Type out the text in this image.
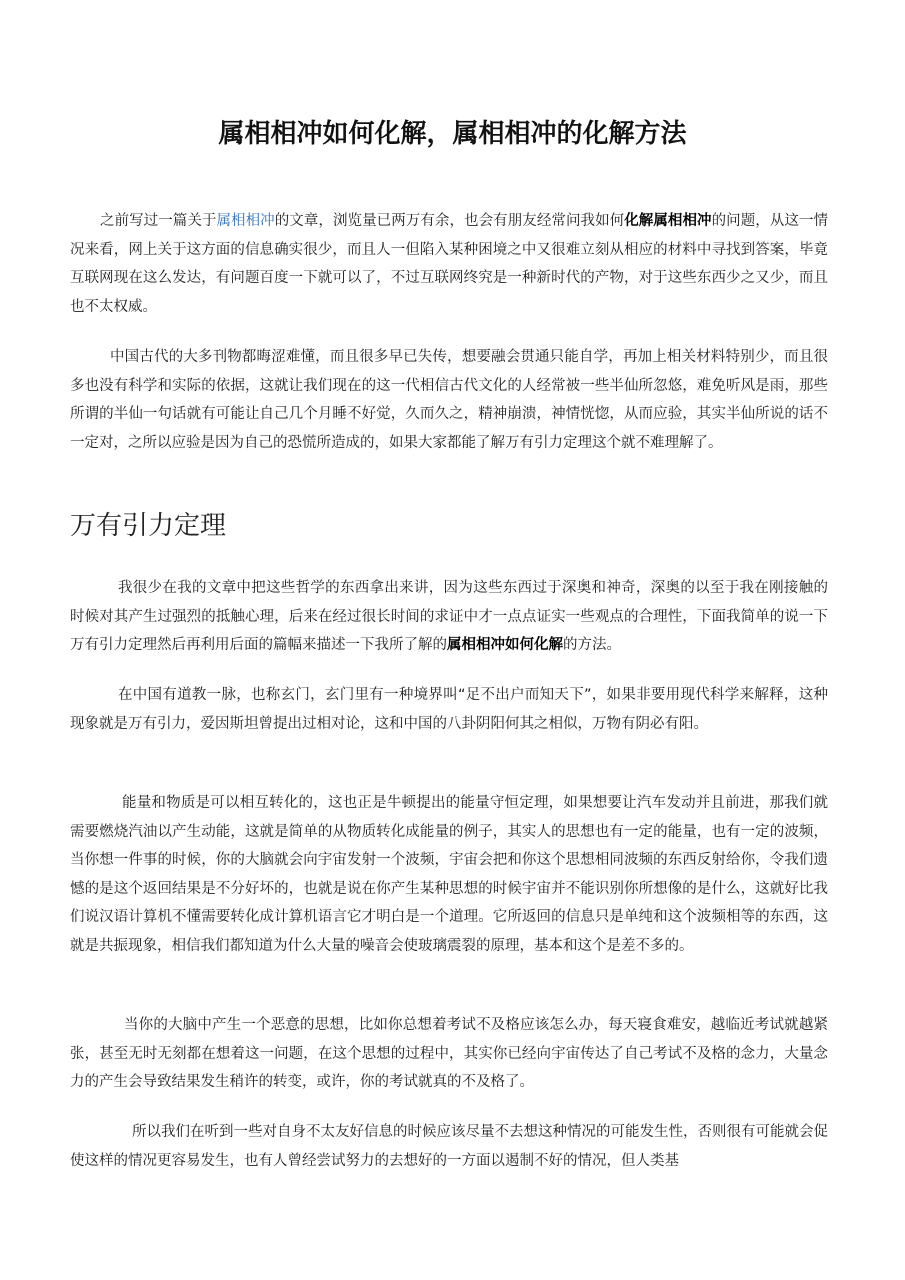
属相相冲如何化解，属相相冲的化解方法

之前写过一篇关于属相相冲的文章，浏览量已两万有余，也会有朋友经常问我如何化解属相相冲的问题，从这一情况来看，网上关于这方面的信息确实很少，而且人一但陷入某种困境之中又很难立刻从相应的材料中寻找到答案，毕竟互联网现在这么发达，有问题百度一下就可以了，不过互联网终究是一种新时代的产物，对于这些东西少之又少，而且也不太权威。

中国古代的大多刊物都晦涩难懂，而且很多早已失传，想要融会贯通只能自学，再加上相关材料特别少，而且很多也没有科学和实际的依据，这就让我们现在的这一代相信古代文化的人经常被一些半仙所忽悠，难免听风是雨，那些所谓的半仙一句话就有可能让自己几个月睡不好觉，久而久之，精神崩溃，神情恍惚，从而应验，其实半仙所说的话不一定对，之所以应验是因为自己的恐慌所造成的，如果大家都能了解万有引力定理这个就不难理解了。

万有引力定理

我很少在我的文章中把这些哲学的东西拿出来讲，因为这些东西过于深奥和神奇，深奥的以至于我在刚接触的时候对其产生过强烈的抵触心理，后来在经过很长时间的求证中才一点点证实一些观点的合理性，下面我简单的说一下万有引力定理然后再利用后面的篇幅来描述一下我所了解的属相相冲如何化解的方法。

在中国有道教一脉，也称玄门，玄门里有一种境界叫“足不出户而知天下”，如果非要用现代科学来解释，这种现象就是万有引力，爱因斯坦曾提出过相对论，这和中国的八卦阴阳何其之相似，万物有阴必有阳。

能量和物质是可以相互转化的，这也正是牛顿提出的能量守恒定理，如果想要让汽车发动并且前进，那我们就需要燃烧汽油以产生动能，这就是简单的从物质转化成能量的例子，其实人的思想也有一定的能量，也有一定的波频，当你想一件事的时候，你的大脑就会向宇宙发射一个波频，宇宙会把和你这个思想相同波频的东西反射给你，令我们遗憾的是这个返回结果是不分好坏的，也就是说在你产生某种思想的时候宇宙并不能识别你所想像的是什么，这就好比我们说汉语计算机不懂需要转化成计算机语言它才明白是一个道理。它所返回的信息只是单纯和这个波频相等的东西，这就是共振现象，相信我们都知道为什么大量的噪音会使玻璃震裂的原理，基本和这个是差不多的。

当你的大脑中产生一个恶意的思想，比如你总想着考试不及格应该怎么办，每天寝食难安，越临近考试就越紧张，甚至无时无刻都在想着这一问题，在这个思想的过程中，其实你已经向宇宙传达了自己考试不及格的念力，大量念力的产生会导致结果发生稍许的转变，或许，你的考试就真的不及格了。

所以我们在听到一些对自身不太友好信息的时候应该尽量不去想这种情况的可能发生性，否则很有可能就会促使这样的情况更容易发生，也有人曾经尝试努力的去想好的一方面以遏制不好的情况，但人类基
